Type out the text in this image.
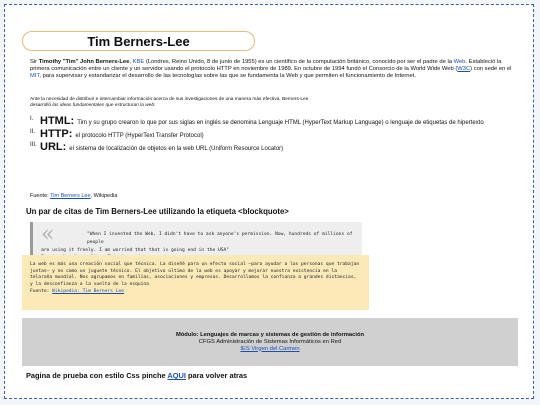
Tim Berners-Lee
Sir Timothy "Tim" John Berners-Lee, KBE (Londres, Reino Unido, 8 de junio de 1955) es un científico de la computación británico, conocido por ser el padre de la Web. Estableció la primera comunicación entre un cliente y un servidor usando el protocolo HTTP en noviembre de 1989. En octubre de 1994 fundó el Consorcio de la World Wide Web (W3C) con sede en el MIT, para supervisar y estandarizar el desarrollo de las tecnologías sobre las que se fundamenta la Web y que permiten el funcionamiento de Internet.
Ante la necesidad de distribuir e intercambiar información acerca de sus investigaciones de una manera más efectiva, Berners-Lee desarrolló las ideas fundamentales que estructuran la web:
I. HTML: Tim y su grupo crearon lo que por sus siglas en inglés se denomina Lenguaje HTML (HyperText Markup Language) o lenguaje de etiquetas de hipertexto
II. HTTP: el protocolo HTTP (HyperText Transfer Protocol)
III. URL: el sistema de localización de objetos en la web URL (Uniform Resource Locator)
Fuente: Tim Berners Lee, Wikipedia
Un par de citas de Tim Berners-Lee utilizando la etiqueta <blockquote>
«	"When I invented the Web, I didn't have to ask anyone's permission. Now, hundreds of millions of people
are using it freely. I am worried that that is going end in the USA"

La web es más una creación social que técnica. La diseñé para un efecto social —para ayudar a las personas que trabajan juntas— y no como un juguete técnico. El objetivo último de la web es apoyar y mejorar nuestra existencia en la telaraña mundial. Nos agrupamos en familias, asociaciones y empresas. Desarrollamos la confianza a grandes distancias, y la desconfianza a la vuelta de la esquina
Fuente: Wikipedia: Tim Berners Lee
Módulo: Lenguajes de marcas y sistemas de gestión de información
CFGS Administración de Sistemas Informáticos en Red
IES Virgen del Carmen
Pagina de prueba con estilo Css pinche AQUI para volver atras
